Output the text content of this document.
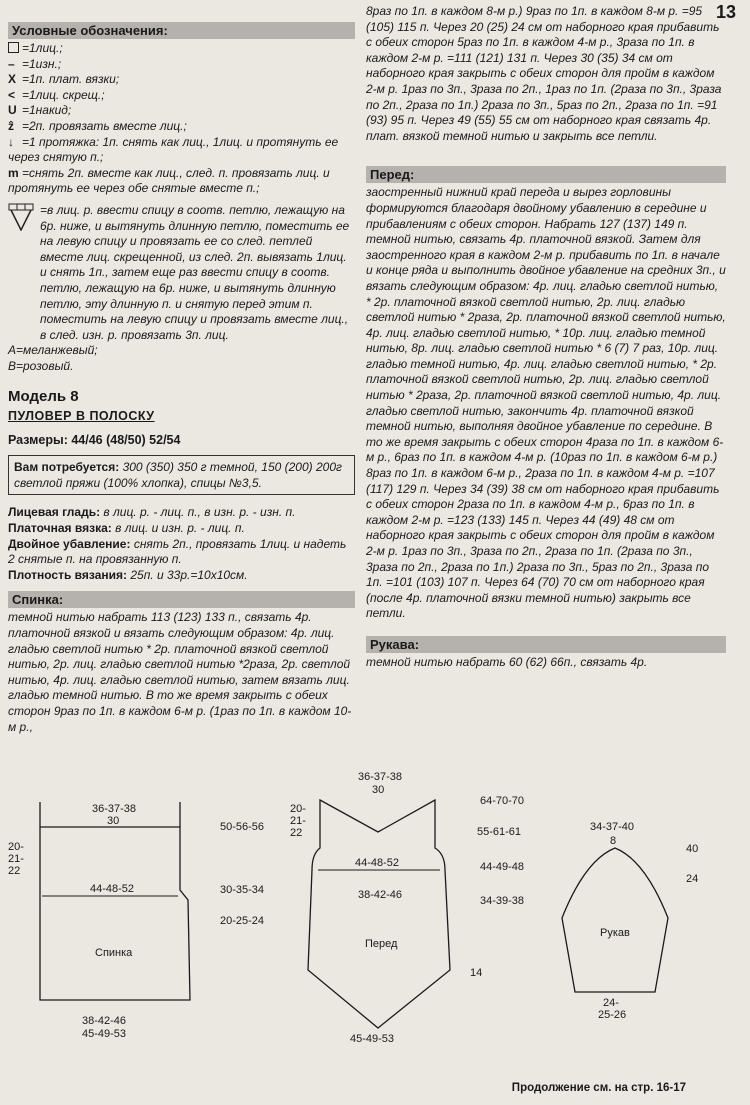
13
Условные обозначения:

=1лиц.;

– =1изн.;

X =1п. плат. вязки;

< =1лиц. скрещ.;

U =1накид;

ẑ =2п. провязать вместе лиц.;

↓ =1 протяжка: 1п. снять как лиц., 1лиц. и протянуть ее через снятую п.;

m =снять 2п. вместе как лиц., след. п. провязать лиц. и протянуть ее через обе снятые вместе п.;

=в лиц. р. ввести спицу в соотв. петлю, лежащую на 6р. ниже, и вытянуть длинную петлю, поместить ее на левую спицу и провязать ее со след. петлей вместе лиц. скрещенной, из след. 2п. вывязать 1лиц. и снять 1п., затем еще раз ввести спицу в соотв. петлю, лежащую на 6р. ниже, и вытянуть длинную петлю, эту длинную п. и снятую перед этим п. поместить на левую спицу и провязать вместе лиц., в след. изн. р. провязать 3п. лиц.
A=меланжевый;
B=розовый.
Модель 8
ПУЛОВЕР В ПОЛОСКУ
Размеры: 44/46 (48/50) 52/54
Вам потребуется: 300 (350) 350 г темной, 150 (200) 200г светлой пряжи (100% хлопка), спицы №3,5.
Лицевая гладь: в лиц. р. - лиц. п., в изн. р. - изн. п.
Платочная вязка: в лиц. и изн. р. - лиц. п.
Двойное убавление: снять 2п., провязать 1лиц. и надеть 2 снятые п. на провязанную п.
Плотность вязания: 25п. и 33р.=10х10см.
Спинка:
темной нитью набрать 113 (123) 133 п., связать 4р. платочной вязкой и вязать следующим образом: 4р. лиц. гладью светлой нитью * 2р. платочной вязкой светлой нитью, 2р. лиц. гладью светлой нитью *2раза, 2р. светлой нитью, 4р. лиц. гладью светлой нитью, затем вязать лиц. гладью темной нитью. В то же время закрыть с обеих сторон 9раз по 1п. в каждом 6-м р. (1раз по 1п. в каждом 10-м р.,
8раз по 1п. в каждом 8-м р.) 9раз по 1п. в каждом 8-м р. =95 (105) 115 п. Через 20 (25) 24 см от наборного края прибавить с обеих сторон 5раз по 1п. в каждом 4-м р., 3раза по 1п. в каждом 2-м р. =111 (121) 131 п. Через 30 (35) 34 см от наборного края закрыть с обеих сторон для пройм в каждом 2-м р. 1раз по 3п., 3раза по 2п., 1раз по 1п. (2раза по 3п., 3раза по 2п., 2раза по 1п.) 2раза по 3п., 5раз по 2п., 2раза по 1п. =91 (93) 95 п. Через 49 (55) 55 см от наборного края связать 4р. плат. вязкой темной нитью и закрыть все петли.
Перед:
заостренный нижний край переда и вырез горловины формируются благодаря двойному убавлению в середине и прибавлениям с обеих сторон. Набрать 127 (137) 149 п. темной нитью, связать 4р. платочной вязкой. Затем для заостренного края в каждом 2-м р. прибавить по 1п. в начале и конце ряда и выполнить двойное убавление на средних 3п., и вязать следующим образом: 4р. лиц. гладью светлой нитью, * 2р. платочной вязкой светлой нитью, 2р. лиц. гладью светлой нитью * 2раза, 2р. платочной вязкой светлой нитью, 4р. лиц. гладью светлой нитью, * 10р. лиц. гладью темной нитью, 8р. лиц. гладью светлой нитью * 6 (7) 7 раз, 10р. лиц. гладью темной нитью, 4р. лиц. гладью светлой нитью, * 2р. платочной вязкой светлой нитью, 2р. лиц. гладью светлой нитью * 2раза, 2р. платочной вязкой светлой нитью, 4р. лиц. гладью светлой нитью, закончить 4р. платочной вязкой темной нитью, выполняя двойное убавление по середине. В то же время закрыть с обеих сторон 4раза по 1п. в каждом 6-м р., 6раз по 1п. в каждом 4-м р. (10раз по 1п. в каждом 6-м р.) 8раз по 1п. в каждом 6-м р., 2раза по 1п. в каждом 4-м р. =107 (117) 129 п. Через 34 (39) 38 см от наборного края прибавить с обеих сторон 2раза по 1п. в каждом 4-м р., 6раз по 1п. в каждом 2-м р. =123 (133) 145 п. Через 44 (49) 48 см от наборного края закрыть с обеих сторон для пройм в каждом 2-м р. 1раз по 3п., 3раза по 2п., 2раза по 1п. (2раза по 3п., 3раза по 2п., 2раза по 1п.) 2раза по 3п., 5раз по 2п., 3раза по 1п. =101 (103) 107 п. Через 64 (70) 70 см от наборного края (после 4р. платочной вязки темной нитью) закрыть все петли.
Рукава:
темной нитью набрать 60 (62) 66п., связать 4р.
36-37-38
30
20-
21-
22
44-48-52
Спинка
38-42-46
45-49-53
50-56-56
30-35-34
20-25-24
36-37-38
30
20-
21-
22
44-48-52
38-42-46
Перед
45-49-53
64-70-70
55-61-61
44-49-48
34-39-38
14
34-37-40
8
Рукав
24-
25-26
40
24
Продолжение см. на стр. 16-17
